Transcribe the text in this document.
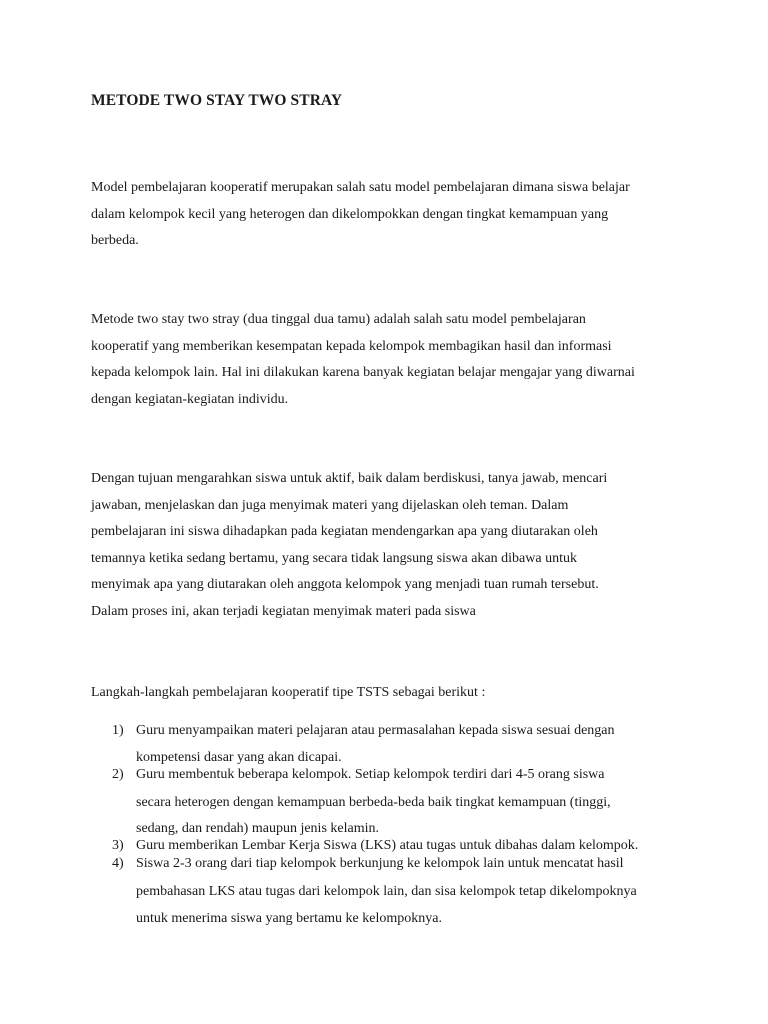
METODE TWO STAY TWO STRAY

Model pembelajaran kooperatif merupakan salah satu model pembelajaran dimana siswa belajar
dalam kelompok kecil yang heterogen dan dikelompokkan dengan tingkat kemampuan yang
berbeda.

Metode two stay two stray (dua tinggal dua tamu) adalah salah satu model pembelajaran
kooperatif yang memberikan kesempatan kepada kelompok membagikan hasil dan informasi
kepada kelompok lain. Hal ini dilakukan karena banyak kegiatan belajar mengajar yang diwarnai
dengan kegiatan-kegiatan individu.

Dengan tujuan mengarahkan siswa untuk aktif, baik dalam berdiskusi, tanya jawab, mencari
jawaban, menjelaskan dan juga menyimak materi yang dijelaskan oleh teman. Dalam
pembelajaran ini siswa dihadapkan pada kegiatan mendengarkan apa yang diutarakan oleh
temannya ketika sedang bertamu, yang secara tidak langsung siswa akan dibawa untuk
menyimak apa yang diutarakan oleh anggota kelompok yang menjadi tuan rumah tersebut.
Dalam proses ini, akan terjadi kegiatan menyimak materi pada siswa

Langkah-langkah pembelajaran kooperatif tipe TSTS sebagai berikut :

1) Guru menyampaikan materi pelajaran atau permasalahan kepada siswa sesuai dengan
kompetensi dasar yang akan dicapai.
2) Guru membentuk beberapa kelompok. Setiap kelompok terdiri dari 4-5 orang siswa
secara heterogen dengan kemampuan berbeda-beda baik tingkat kemampuan (tinggi,
sedang, dan rendah) maupun jenis kelamin.
3) Guru memberikan Lembar Kerja Siswa (LKS) atau tugas untuk dibahas dalam kelompok.
4) Siswa 2-3 orang dari tiap kelompok berkunjung ke kelompok lain untuk mencatat hasil
pembahasan LKS atau tugas dari kelompok lain, dan sisa kelompok tetap dikelompoknya
untuk menerima siswa yang bertamu ke kelompoknya.
